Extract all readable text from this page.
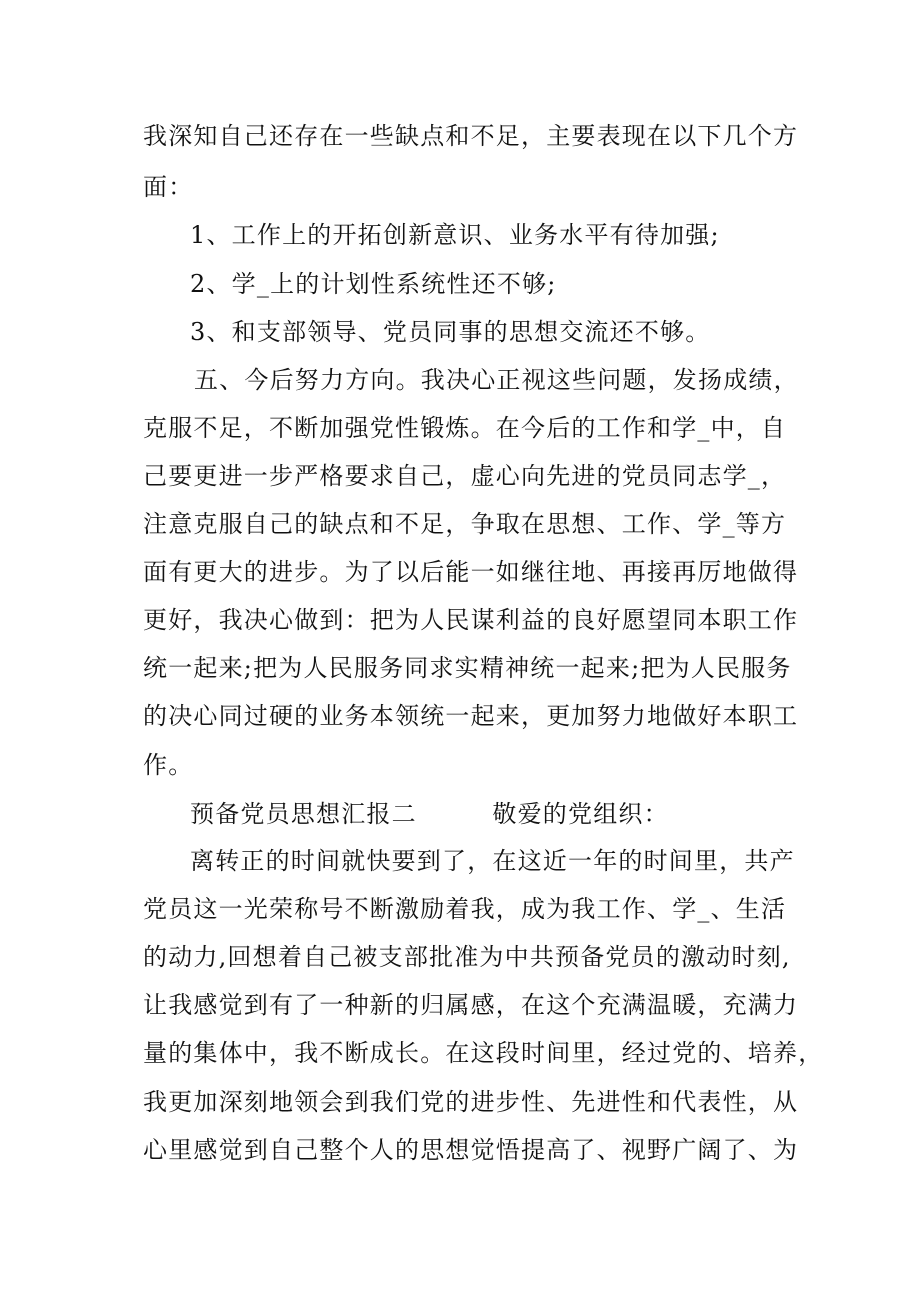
我深知自己还存在一些缺点和不足，主要表现在以下几个方
面：
1、工作上的开拓创新意识、业务水平有待加强;
2、学_上的计划性系统性还不够;
3、和支部领导、党员同事的思想交流还不够。
五、今后努力方向。我决心正视这些问题，发扬成绩，
克服不足，不断加强党性锻炼。在今后的工作和学_中，自
己要更进一步严格要求自己，虚心向先进的党员同志学_，
注意克服自己的缺点和不足，争取在思想、工作、学_等方
面有更大的进步。为了以后能一如继往地、再接再厉地做得
更好，我决心做到：把为人民谋利益的良好愿望同本职工作
统一起来;把为人民服务同求实精神统一起来;把为人民服务
的决心同过硬的业务本领统一起来，更加努力地做好本职工
作。
预备党员思想汇报二　　　敬爱的党组织：
离转正的时间就快要到了，在这近一年的时间里，共产
党员这一光荣称号不断激励着我，成为我工作、学_、生活
的动力,回想着自己被支部批准为中共预备党员的激动时刻,
让我感觉到有了一种新的归属感，在这个充满温暖，充满力
量的集体中，我不断成长。在这段时间里，经过党的、培养，
我更加深刻地领会到我们党的进步性、先进性和代表性，从
心里感觉到自己整个人的思想觉悟提高了、视野广阔了、为
